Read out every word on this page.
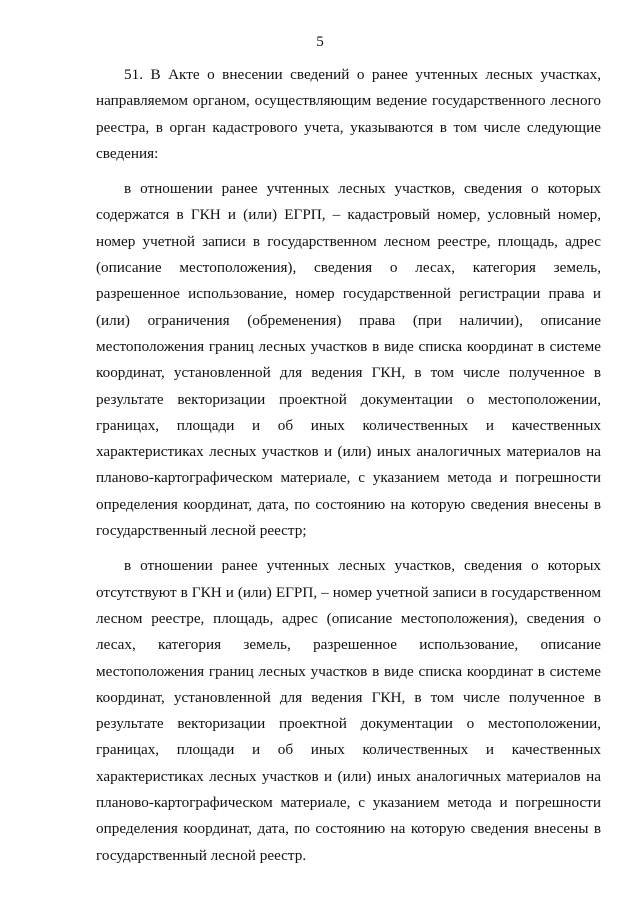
5

51. В Акте о внесении сведений о ранее учтенных лесных участках, направляемом органом, осуществляющим ведение государственного лесного реестра, в орган кадастрового учета, указываются в том числе следующие сведения:

в отношении ранее учтенных лесных участков, сведения о которых содержатся в ГКН и (или) ЕГРП, – кадастровый номер, условный номер, номер учетной записи в государственном лесном реестре, площадь, адрес (описание местоположения), сведения о лесах, категория земель, разрешенное использование, номер государственной регистрации права и (или) ограничения (обременения) права (при наличии), описание местоположения границ лесных участков в виде списка координат в системе координат, установленной для ведения ГКН, в том числе полученное в результате векторизации проектной документации о местоположении, границах, площади и об иных количественных и качественных характеристиках лесных участков и (или) иных аналогичных материалов на планово-картографическом материале, с указанием метода и погрешности определения координат, дата, по состоянию на которую сведения внесены в государственный лесной реестр;

в отношении ранее учтенных лесных участков, сведения о которых отсутствуют в ГКН и (или) ЕГРП, – номер учетной записи в государственном лесном реестре, площадь, адрес (описание местоположения), сведения о лесах, категория земель, разрешенное использование, описание местоположения границ лесных участков в виде списка координат в системе координат, установленной для ведения ГКН, в том числе полученное в результате векторизации проектной документации о местоположении, границах, площади и об иных количественных и качественных характеристиках лесных участков и (или) иных аналогичных материалов на планово-картографическом материале, с указанием метода и погрешности определения координат, дата, по состоянию на которую сведения внесены в государственный лесной реестр.
